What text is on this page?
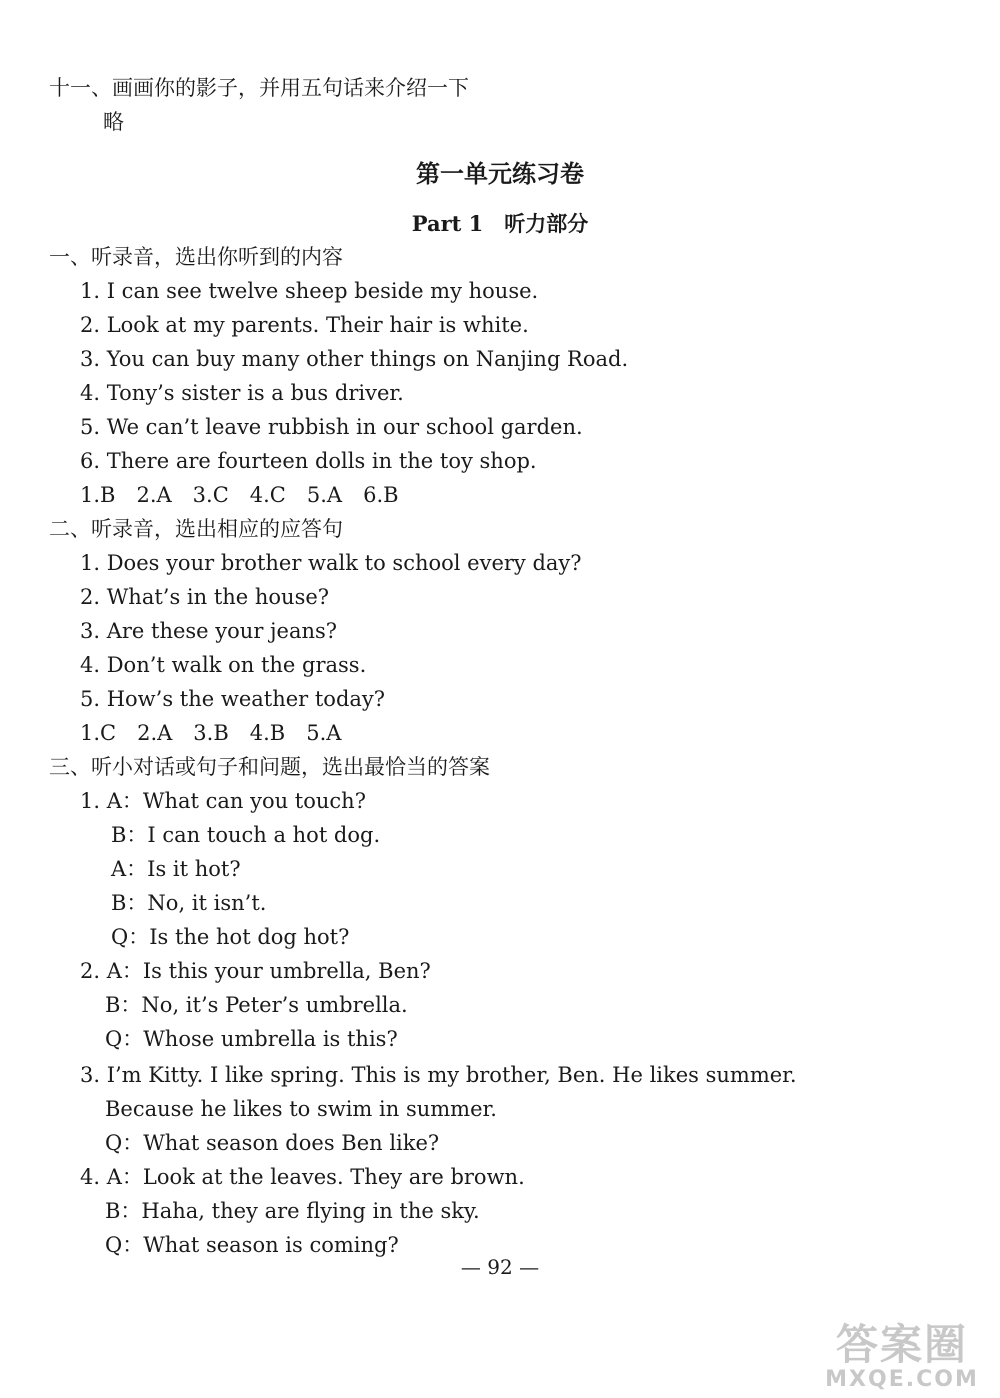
十一、画画你的影子，并用五句话来介绍一下
略
第一单元练习卷
Part 1　听力部分
一、听录音，选出你听到的内容
1. I can see twelve sheep beside my house.
2. Look at my parents. Their hair is white.
3. You can buy many other things on Nanjing Road.
4. Tony’s sister is a bus driver.
5. We can’t leave rubbish in our school garden.
6. There are fourteen dolls in the toy shop.
1.B　2.A　3.C　4.C　5.A　6.B
二、听录音，选出相应的应答句
1. Does your brother walk to school every day?
2. What’s in the house?
3. Are these your jeans?
4. Don’t walk on the grass.
5. How’s the weather today?
1.C　2.A　3.B　4.B　5.A
三、听小对话或句子和问题，选出最恰当的答案
1. A：What can you touch?
B：I can touch a hot dog.
A：Is it hot?
B：No, it isn’t.
Q：Is the hot dog hot?
2. A：Is this your umbrella, Ben?
B：No, it’s Peter’s umbrella.
Q：Whose umbrella is this?
3. I’m Kitty. I like spring. This is my brother, Ben. He likes summer.
Because he likes to swim in summer.
Q：What season does Ben like?
4. A：Look at the leaves. They are brown.
B：Haha, they are flying in the sky.
Q：What season is coming?
— 92 —
答案圈
MXQE.COM
